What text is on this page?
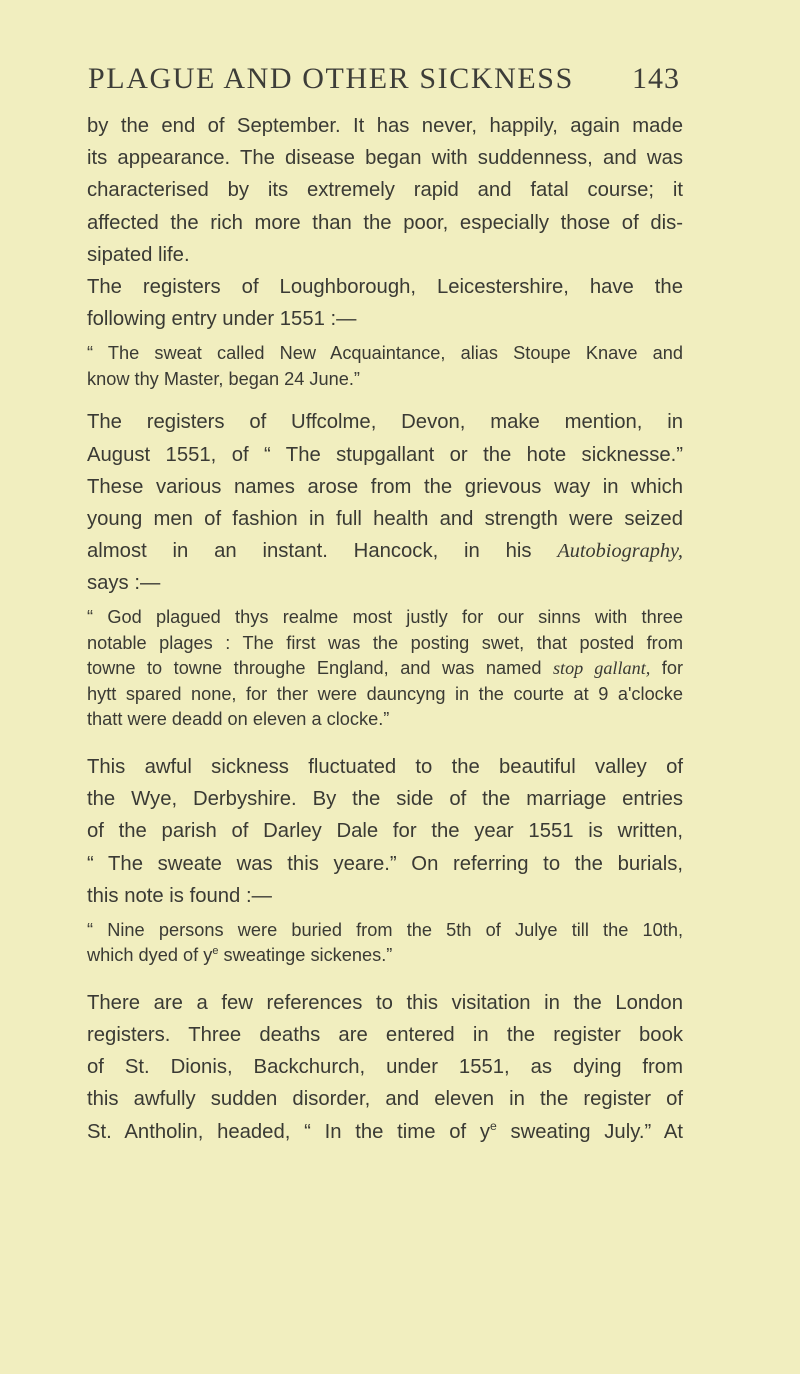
PLAGUE AND OTHER SICKNESS 143
by the end of September. It has never, happily, again made
its appearance. The disease began with suddenness, and was
characterised by its extremely rapid and fatal course; it
affected the rich more than the poor, especially those of dis-
sipated life.
The registers of Loughborough, Leicestershire, have the
following entry under 1551 :—
“ The sweat called New Acquaintance, alias Stoupe Knave and
know thy Master, began 24 June.”
The registers of Uffcolme, Devon, make mention, in
August 1551, of “ The stupgallant or the hote sicknesse.”
These various names arose from the grievous way in which
young men of fashion in full health and strength were seized
almost in an instant. Hancock, in his Autobiography,
says :—
“ God plagued thys realme most justly for our sinns with three
notable plages : The first was the posting swet, that posted from
towne to towne throughe England, and was named stop gallant, for
hytt spared none, for ther were dauncyng in the courte at 9 a'clocke
thatt were deadd on eleven a clocke.”
This awful sickness fluctuated to the beautiful valley of
the Wye, Derbyshire. By the side of the marriage entries
of the parish of Darley Dale for the year 1551 is written,
“ The sweate was this yeare.” On referring to the burials,
this note is found :—
“ Nine persons were buried from the 5th of Julye till the 10th,
which dyed of $y^e$ sweatinge sickenes.”
There are a few references to this visitation in the London
registers. Three deaths are entered in the register book
of St. Dionis, Backchurch, under 1551, as dying from
this awfully sudden disorder, and eleven in the register of
St. Antholin, headed, “ In the time of $y^e$ sweating July.” At
